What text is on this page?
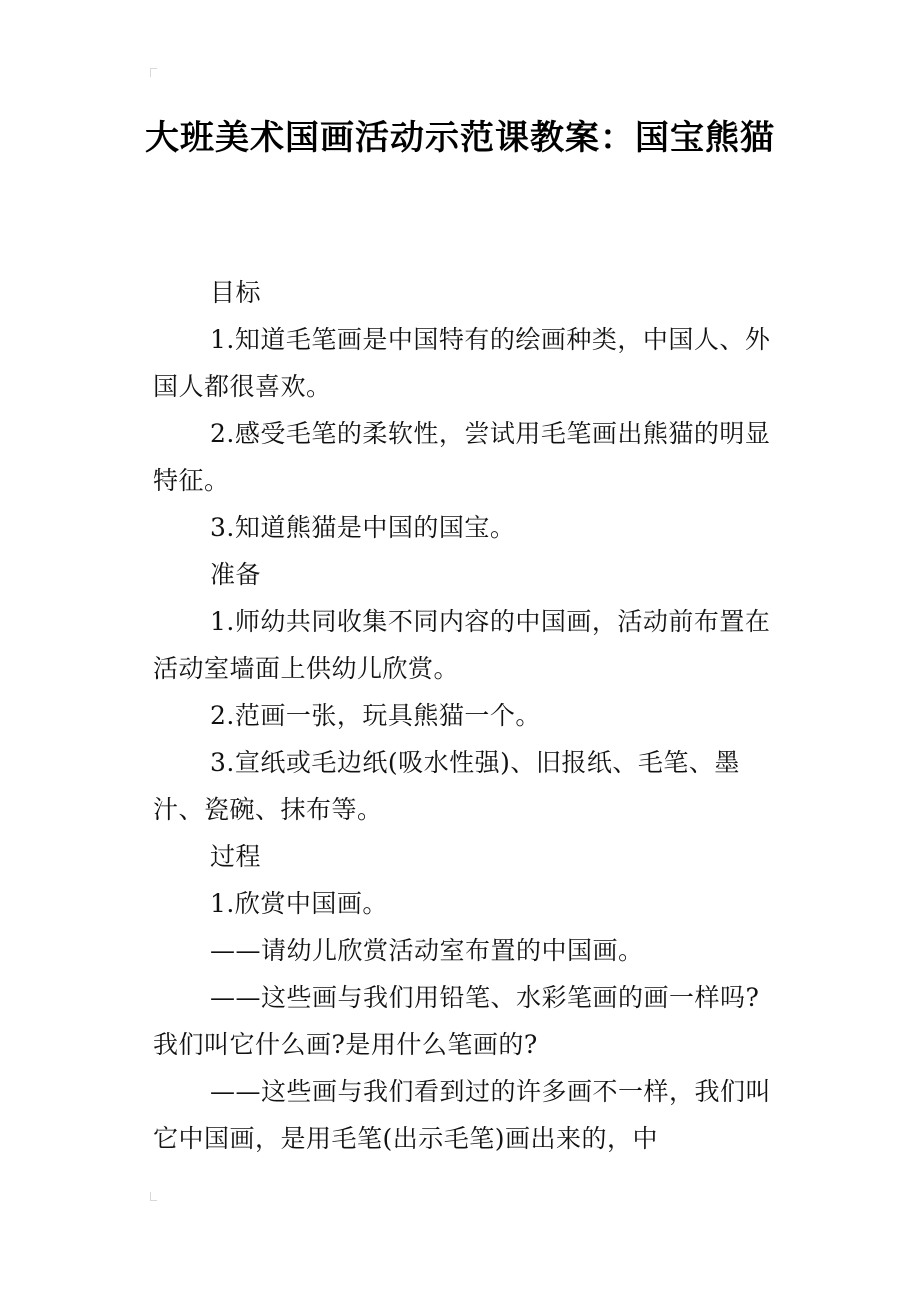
大班美术国画活动示范课教案：国宝熊猫

目标

1.知道毛笔画是中国特有的绘画种类，中国人、外国人都很喜欢。

2.感受毛笔的柔软性，尝试用毛笔画出熊猫的明显特征。

3.知道熊猫是中国的国宝。

准备

1.师幼共同收集不同内容的中国画，活动前布置在活动室墙面上供幼儿欣赏。

2.范画一张，玩具熊猫一个。

3.宣纸或毛边纸(吸水性强)、旧报纸、毛笔、墨汁、瓷碗、抹布等。

过程

1.欣赏中国画。

——请幼儿欣赏活动室布置的中国画。

——这些画与我们用铅笔、水彩笔画的画一样吗?我们叫它什么画?是用什么笔画的?

——这些画与我们看到过的许多画不一样，我们叫它中国画，是用毛笔(出示毛笔)画出来的，中
